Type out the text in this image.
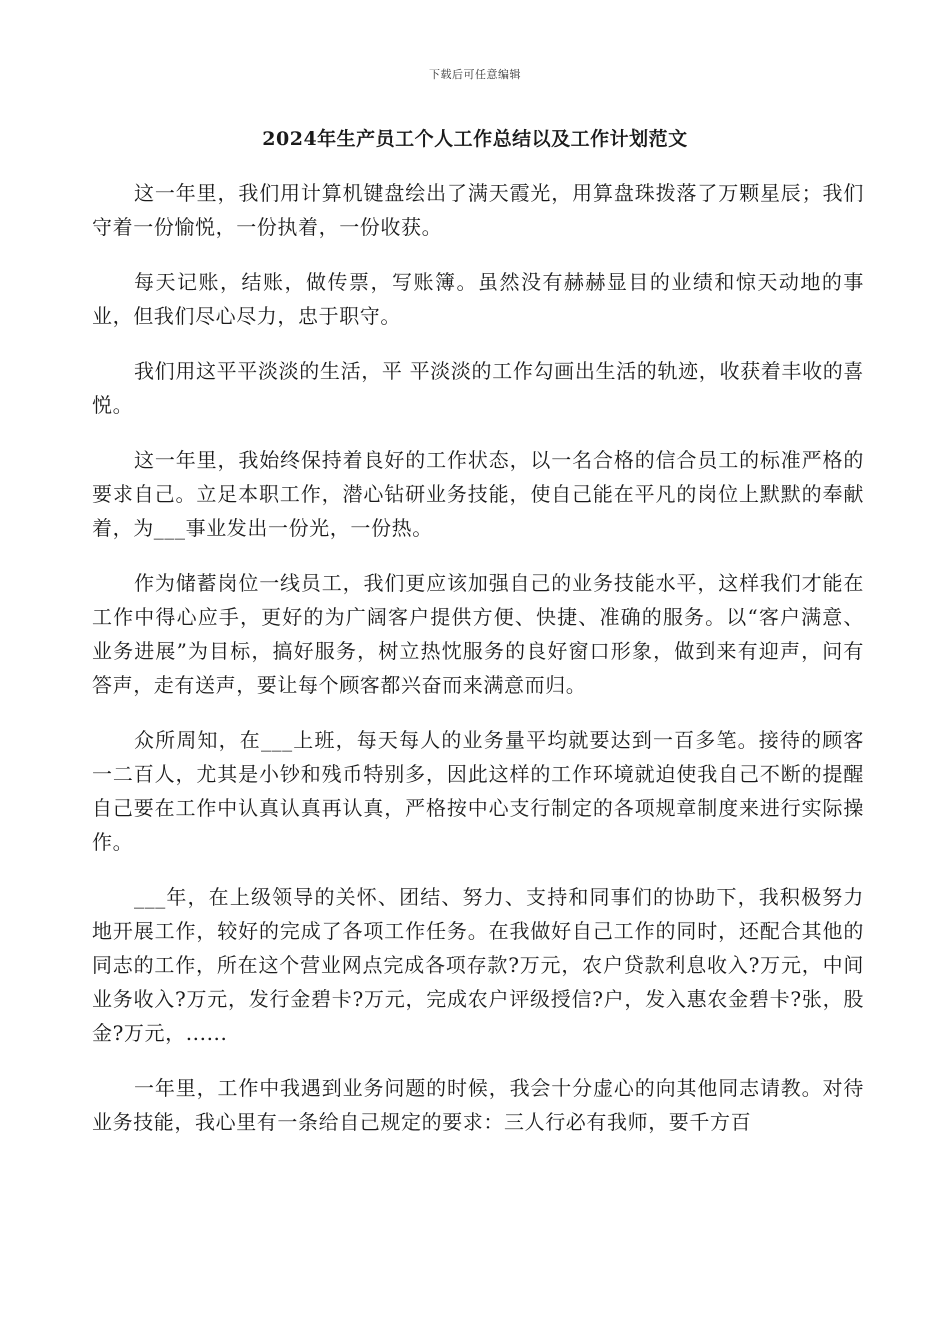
下载后可任意编辑
2024年生产员工个人工作总结以及工作计划范文

这一年里，我们用计算机键盘绘出了满天霞光，用算盘珠拨落了万颗星辰；我们守着一份愉悦，一份执着，一份收获。

每天记账，结账，做传票，写账簿。虽然没有赫赫显目的业绩和惊天动地的事业，但我们尽心尽力，忠于职守。

我们用这平平淡淡的生活，平 平淡淡的工作勾画出生活的轨迹，收获着丰收的喜悦。

这一年里，我始终保持着良好的工作状态，以一名合格的信合员工的标准严格的要求自己。立足本职工作，潜心钻研业务技能，使自己能在平凡的岗位上默默的奉献着，为___事业发出一份光，一份热。

作为储蓄岗位一线员工，我们更应该加强自己的业务技能水平，这样我们才能在工作中得心应手，更好的为广阔客户提供方便、快捷、准确的服务。以“客户满意、业务进展”为目标，搞好服务，树立热忱服务的良好窗口形象，做到来有迎声，问有答声，走有送声，要让每个顾客都兴奋而来满意而归。

众所周知，在___上班，每天每人的业务量平均就要达到一百多笔。接待的顾客一二百人，尤其是小钞和残币特别多，因此这样的工作环境就迫使我自己不断的提醒自己要在工作中认真认真再认真，严格按中心支行制定的各项规章制度来进行实际操作。

___年，在上级领导的关怀、团结、努力、支持和同事们的协助下，我积极努力地开展工作，较好的完成了各项工作任务。在我做好自己工作的同时，还配合其他的同志的工作，所在这个营业网点完成各项存款?万元，农户贷款利息收入?万元，中间业务收入?万元，发行金碧卡?万元，完成农户评级授信?户，发入惠农金碧卡?张，股金?万元，......

一年里，工作中我遇到业务问题的时候，我会十分虚心的向其他同志请教。对待业务技能，我心里有一条给自己规定的要求：三人行必有我师，要千方百
